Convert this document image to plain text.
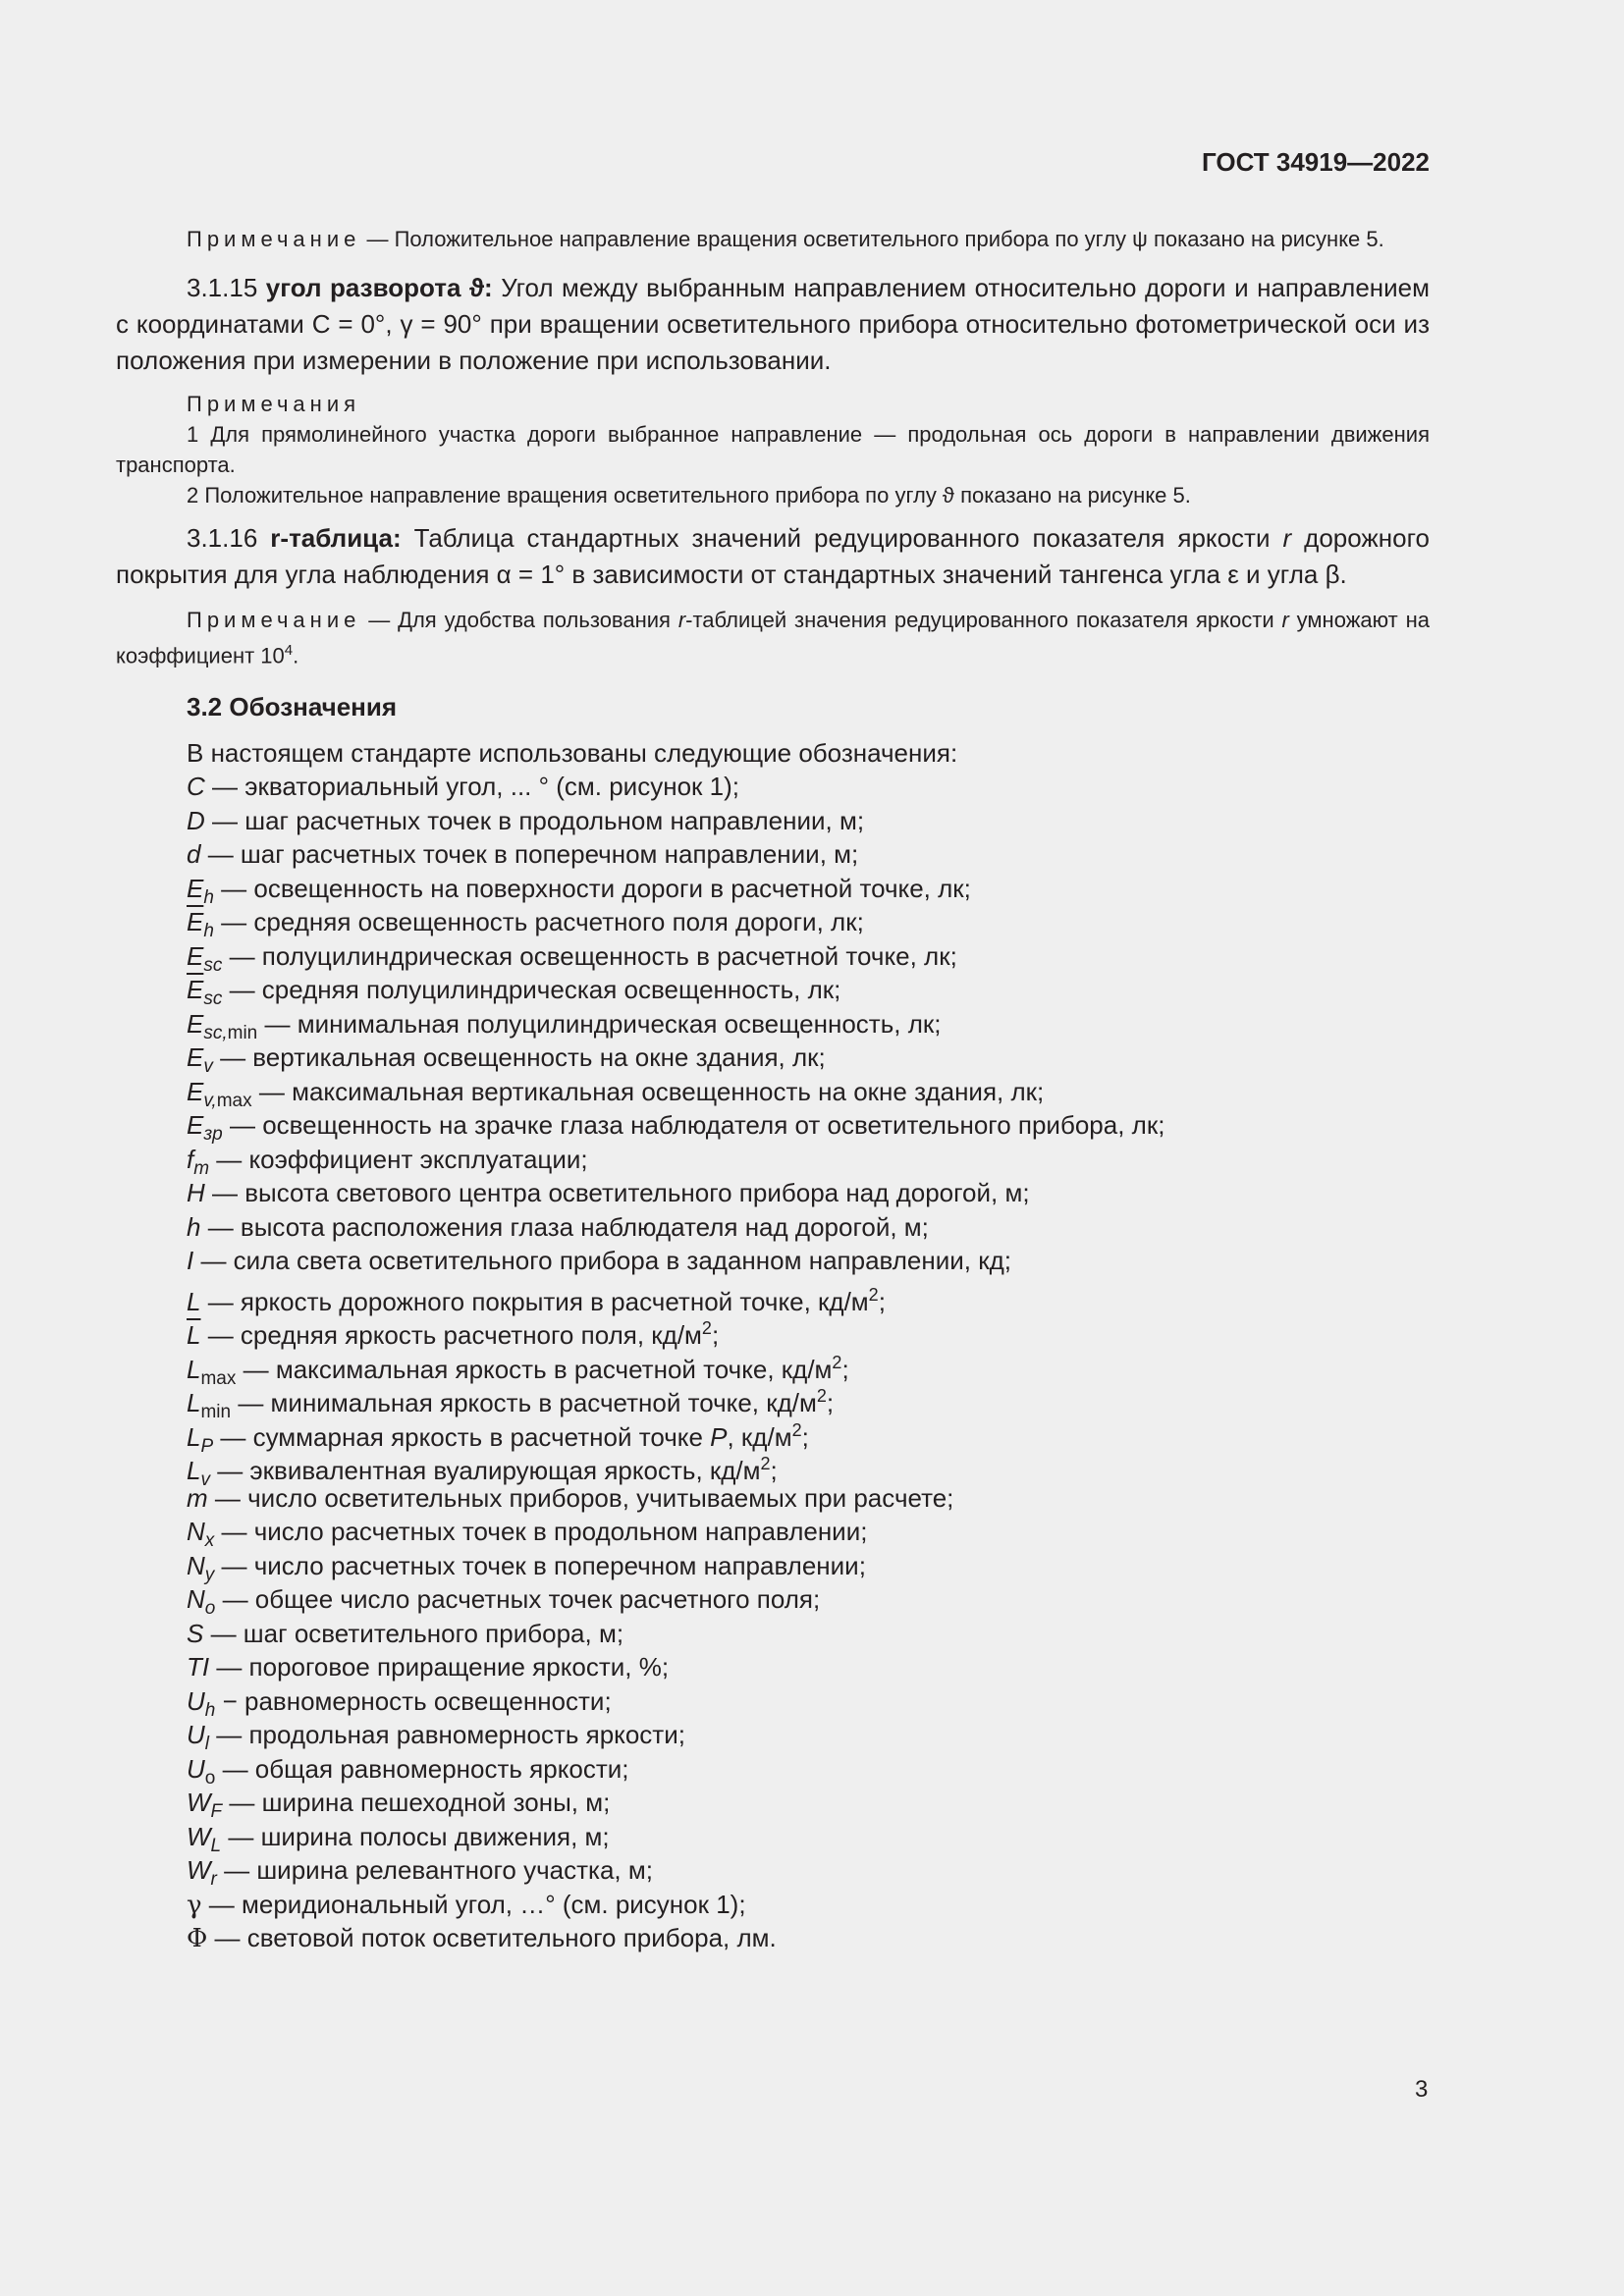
ГОСТ 34919—2022

Примечание — Положительное направление вращения осветительного прибора по углу ψ показано на рисунке 5.

3.1.15 угол разворота ϑ: Угол между выбранным направлением относительно дороги и направлением с координатами С = 0°, γ = 90° при вращении осветительного прибора относительно фотометрической оси из положения при измерении в положение при использовании.

Примечания

1 Для прямолинейного участка дороги выбранное направление — продольная ось дороги в направлении движения транспорта.

2 Положительное направление вращения осветительного прибора по углу ϑ показано на рисунке 5.

3.1.16 r-таблица: Таблица стандартных значений редуцированного показателя яркости r дорожного покрытия для угла наблюдения α = 1° в зависимости от стандартных значений тангенса угла ε и угла β.

Примечание — Для удобства пользования r-таблицей значения редуцированного показателя яркости r умножают на коэффициент $10^4$.

3.2 Обозначения

В настоящем стандарте использованы следующие обозначения:

C — экваториальный угол, ... ° (см. рисунок 1);

D — шаг расчетных точек в продольном направлении, м;

d — шаг расчетных точек в поперечном направлении, м;

$E_h$ — освещенность на поверхности дороги в расчетной точке, лк;

$\overline{E}_h$ — средняя освещенность расчетного поля дороги, лк;

$E_{sc}$ — полуцилиндрическая освещенность в расчетной точке, лк;

$\overline{E}_{sc}$ — средняя полуцилиндрическая освещенность, лк;

$E_{sc,min}$ — минимальная полуцилиндрическая освещенность, лк;

$E_v$ — вертикальная освещенность на окне здания, лк;

$E_{v,max}$ — максимальная вертикальная освещенность на окне здания, лк;

$E_{зр}$ — освещенность на зрачке глаза наблюдателя от осветительного прибора, лк;

$f_m$ — коэффициент эксплуатации;

H — высота светового центра осветительного прибора над дорогой, м;

h — высота расположения глаза наблюдателя над дорогой, м;

I — сила света осветительного прибора в заданном направлении, кд;

L — яркость дорожного покрытия в расчетной точке, $кд/м^2$;

$\overline{L}$ — средняя яркость расчетного поля, $кд/м^2$;

$L_{max}$ — максимальная яркость в расчетной точке, $кд/м^2$;

$L_{min}$ — минимальная яркость в расчетной точке, $кд/м^2$;

$L_P$ — суммарная яркость в расчетной точке P, $кд/м^2$;

$L_v$ — эквивалентная вуалирующая яркость, $кд/м^2$;

m — число осветительных приборов, учитываемых при расчете;

$N_x$ — число расчетных точек в продольном направлении;

$N_y$ — число расчетных точек в поперечном направлении;

$N_o$ — общее число расчетных точек расчетного поля;

S — шаг осветительного прибора, м;

TI — пороговое приращение яркости, %;

$U_h$ − равномерность освещенности;

$U_l$ — продольная равномерность яркости;

$U_o$ — общая равномерность яркости;

$W_F$ — ширина пешеходной зоны, м;

$W_L$ — ширина полосы движения, м;

$W_r$ — ширина релевантного участка, м;

γ — меридиональный угол, …° (см. рисунок 1);

Φ — световой поток осветительного прибора, лм.

3
